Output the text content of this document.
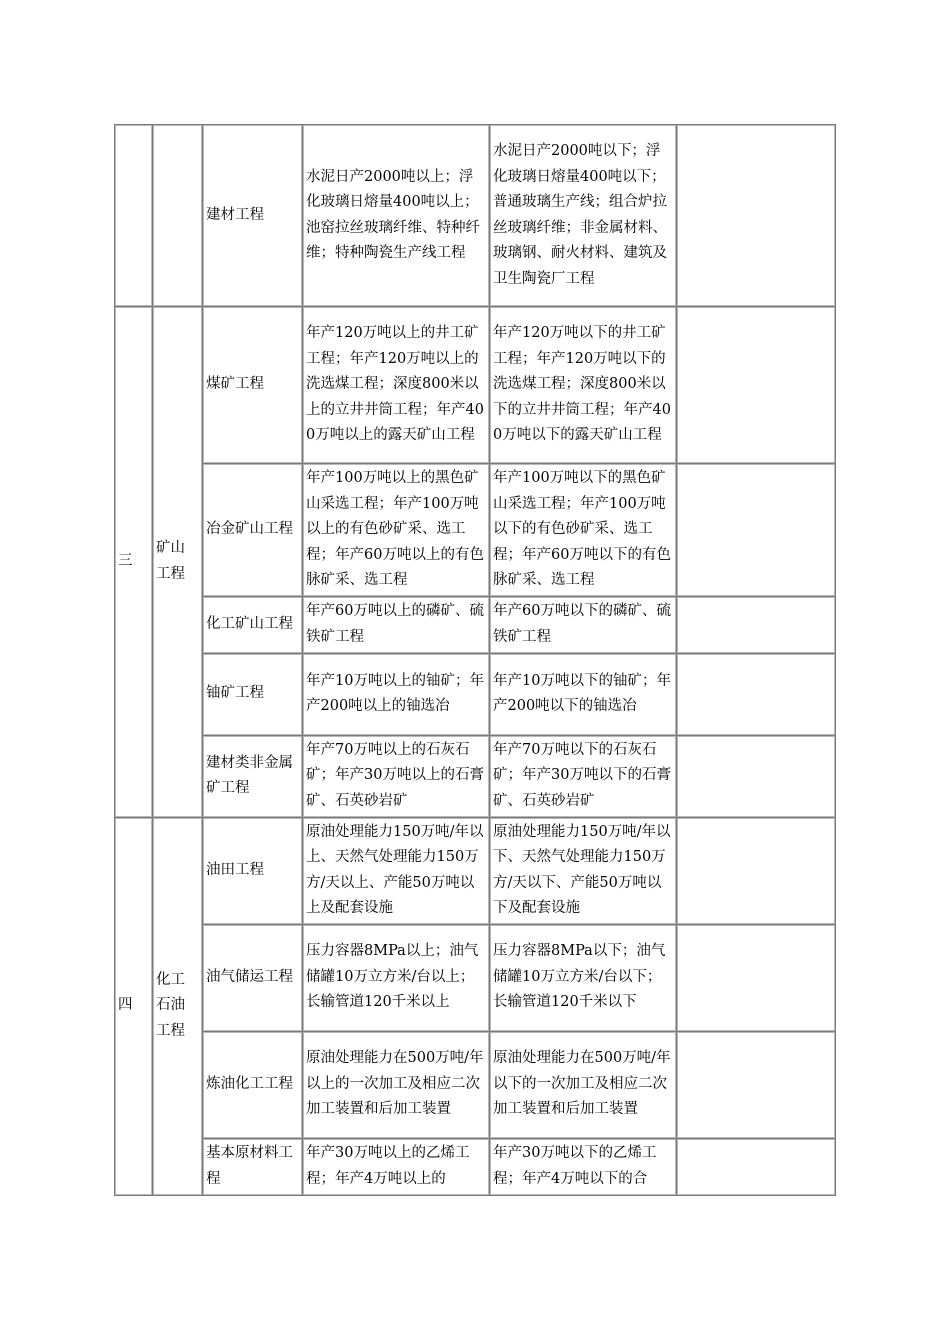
		建材工程	水泥日产2000吨以上；浮化玻璃日熔量400吨以上；池窑拉丝玻璃纤维、特种纤维；特种陶瓷生产线工程	水泥日产2000吨以下；浮化玻璃日熔量400吨以下；普通玻璃生产线；组合炉拉丝玻璃纤维；非金属材料、玻璃钢、耐火材料、建筑及卫生陶瓷厂工程	
三	矿山工程	煤矿工程	年产120万吨以上的井工矿工程；年产120万吨以上的洗选煤工程；深度800米以上的立井井筒工程；年产400万吨以上的露天矿山工程	年产120万吨以下的井工矿工程；年产120万吨以下的洗选煤工程；深度800米以下的立井井筒工程；年产400万吨以下的露天矿山工程	
		冶金矿山工程	年产100万吨以上的黑色矿山采选工程；年产100万吨以上的有色砂矿采、选工程；年产60万吨以上的有色脉矿采、选工程	年产100万吨以下的黑色矿山采选工程；年产100万吨以下的有色砂矿采、选工程；年产60万吨以下的有色脉矿采、选工程	
		化工矿山工程	年产60万吨以上的磷矿、硫铁矿工程	年产60万吨以下的磷矿、硫铁矿工程	
		铀矿工程	年产10万吨以上的铀矿；年产200吨以上的铀选冶	年产10万吨以下的铀矿；年产200吨以下的铀选冶	
		建材类非金属矿工程	年产70万吨以上的石灰石矿；年产30万吨以上的石膏矿、石英砂岩矿	年产70万吨以下的石灰石矿；年产30万吨以下的石膏矿、石英砂岩矿	
四	化工石油工程	油田工程	原油处理能力150万吨/年以上、天然气处理能力150万方/天以上、产能50万吨以上及配套设施	原油处理能力150万吨/年以下、天然气处理能力150万方/天以下、产能50万吨以下及配套设施	
		油气储运工程	压力容器8MPa以上；油气储罐10万立方米/台以上；长输管道120千米以上	压力容器8MPa以下；油气储罐10万立方米/台以下；长输管道120千米以下	
		炼油化工工程	原油处理能力在500万吨/年以上的一次加工及相应二次加工装置和后加工装置	原油处理能力在500万吨/年以下的一次加工及相应二次加工装置和后加工装置	
		基本原材料工程	年产30万吨以上的乙烯工程；年产4万吨以上的	年产30万吨以下的乙烯工程；年产4万吨以下的合	
